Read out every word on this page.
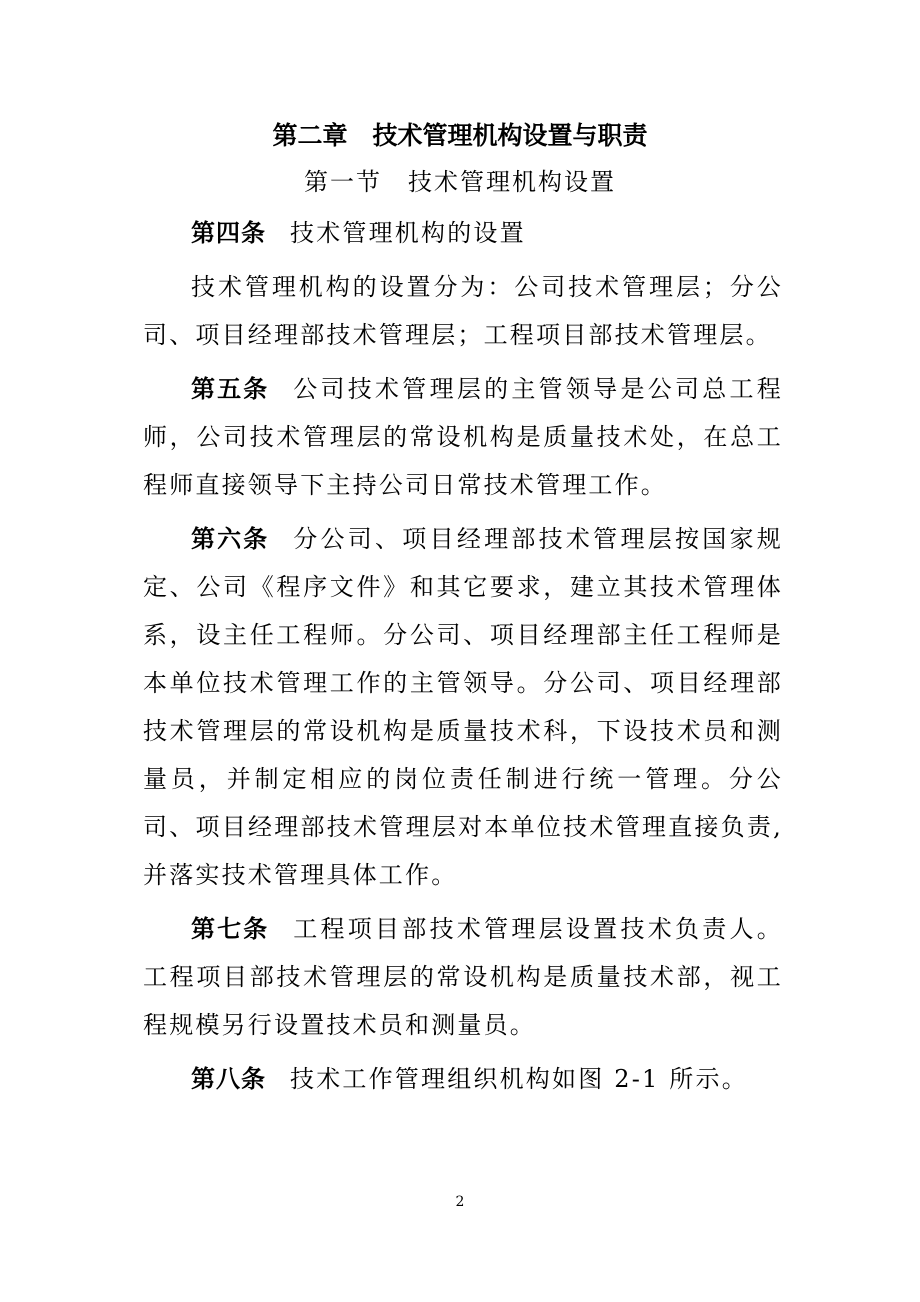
第二章　技术管理机构设置与职责
第一节　技术管理机构设置

第四条 技术管理机构的设置

技术管理机构的设置分为：公司技术管理层；分公司、项目经理部技术管理层；工程项目部技术管理层。

第五条 公司技术管理层的主管领导是公司总工程师，公司技术管理层的常设机构是质量技术处，在总工程师直接领导下主持公司日常技术管理工作。

第六条 分公司、项目经理部技术管理层按国家规定、公司《程序文件》和其它要求，建立其技术管理体系，设主任工程师。分公司、项目经理部主任工程师是本单位技术管理工作的主管领导。分公司、项目经理部技术管理层的常设机构是质量技术科，下设技术员和测量员，并制定相应的岗位责任制进行统一管理。分公司、项目经理部技术管理层对本单位技术管理直接负责,并落实技术管理具体工作。

第七条 工程项目部技术管理层设置技术负责人。工程项目部技术管理层的常设机构是质量技术部，视工程规模另行设置技术员和测量员。

第八条 技术工作管理组织机构如图 2-1 所示。

2
